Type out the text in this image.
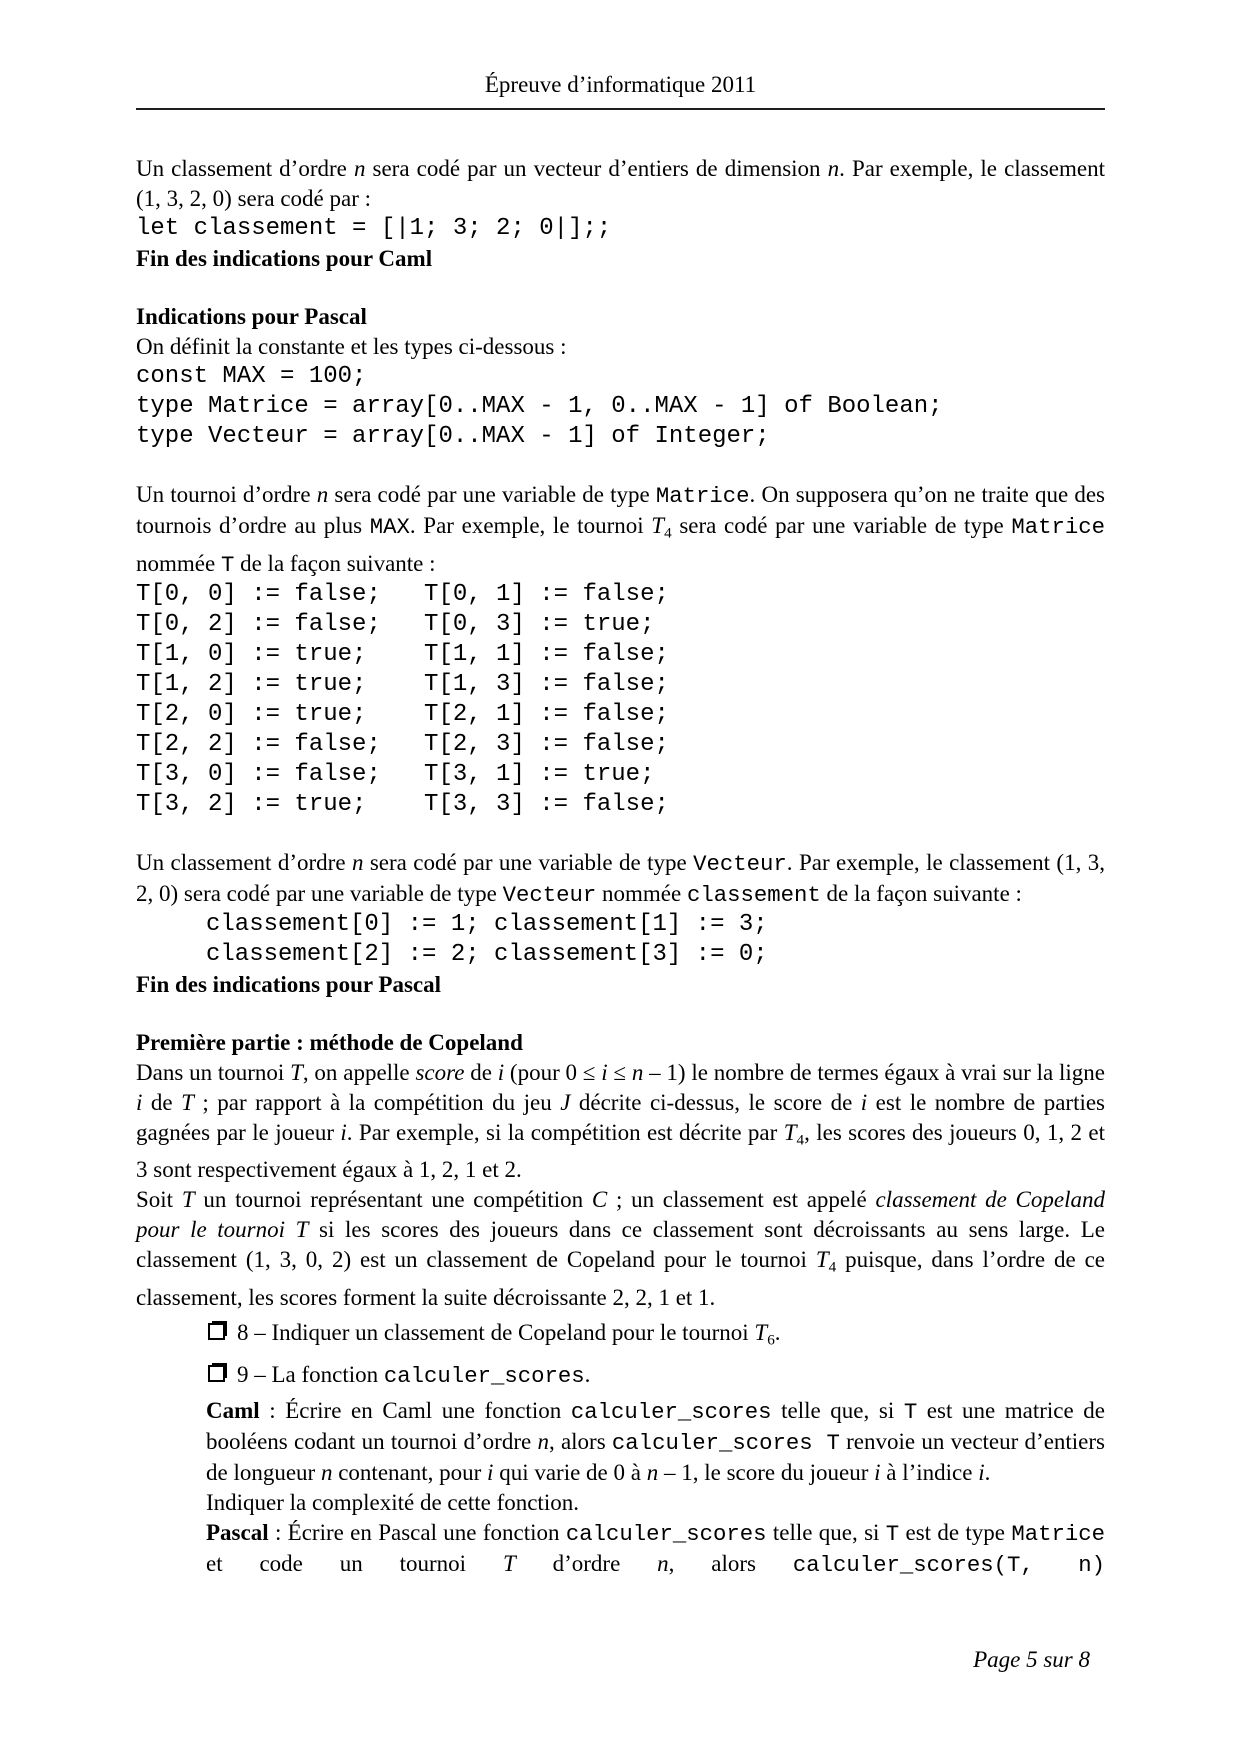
Épreuve d’informatique 2011

Un classement d’ordre n sera codé par un vecteur d’entiers de dimension n. Par exemple, le classement (1, 3, 2, 0) sera codé par :

let classement = [|1; 3; 2; 0|];;
Fin des indications pour Caml
Indications pour Pascal
On définit la constante et les types ci-dessous :
const MAX = 100;
type Matrice = array[0..MAX - 1, 0..MAX - 1] of Boolean;
type Vecteur = array[0..MAX - 1] of Integer;

Un tournoi d’ordre n sera codé par une variable de type Matrice. On supposera qu’on ne traite que des tournois d’ordre au plus MAX. Par exemple, le tournoi T4 sera codé par une variable de type Matrice nommée T de la façon suivante :

T[0, 0] := false;   T[0, 1] := false;
T[0, 2] := false;   T[0, 3] := true;
T[1, 0] := true;    T[1, 1] := false;
T[1, 2] := true;    T[1, 3] := false;
T[2, 0] := true;    T[2, 1] := false;
T[2, 2] := false;   T[2, 3] := false;
T[3, 0] := false;   T[3, 1] := true;
T[3, 2] := true;    T[3, 3] := false;

Un classement d’ordre n sera codé par une variable de type Vecteur. Par exemple, le classement (1, 3, 2, 0) sera codé par une variable de type Vecteur nommée classement de la façon suivante :

classement[0] := 1; classement[1] := 3;
classement[2] := 2; classement[3] := 0;
Fin des indications pour Pascal
Première partie : méthode de Copeland

Dans un tournoi T, on appelle score de i (pour 0 ≤ i ≤ n – 1) le nombre de termes égaux à vrai sur la ligne i de T ; par rapport à la compétition du jeu J décrite ci-dessus, le score de i est le nombre de parties gagnées par le joueur i. Par exemple, si la compétition est décrite par T4, les scores des joueurs 0, 1, 2 et 3 sont respectivement égaux à 1, 2, 1 et 2.

Soit T un tournoi représentant une compétition C ; un classement est appelé classement de Copeland pour le tournoi T si les scores des joueurs dans ce classement sont décroissants au sens large. Le classement (1, 3, 0, 2) est un classement de Copeland pour le tournoi T4 puisque, dans l’ordre de ce classement, les scores forment la suite décroissante 2, 2, 1 et 1.

8 – Indiquer un classement de Copeland pour le tournoi T6.
9 – La fonction calculer_scores.

Caml : Écrire en Caml une fonction calculer_scores telle que, si T est une matrice de booléens codant un tournoi d’ordre n, alors calculer_scores T renvoie un vecteur d’entiers de longueur n contenant, pour i qui varie de 0 à n – 1, le score du joueur i à l’indice i.

Indiquer la complexité de cette fonction.

Pascal : Écrire en Pascal une fonction calculer_scores telle que, si T est de type Matrice et code un tournoi T d’ordre n, alors calculer_scores(T, n)

Page 5 sur 8
